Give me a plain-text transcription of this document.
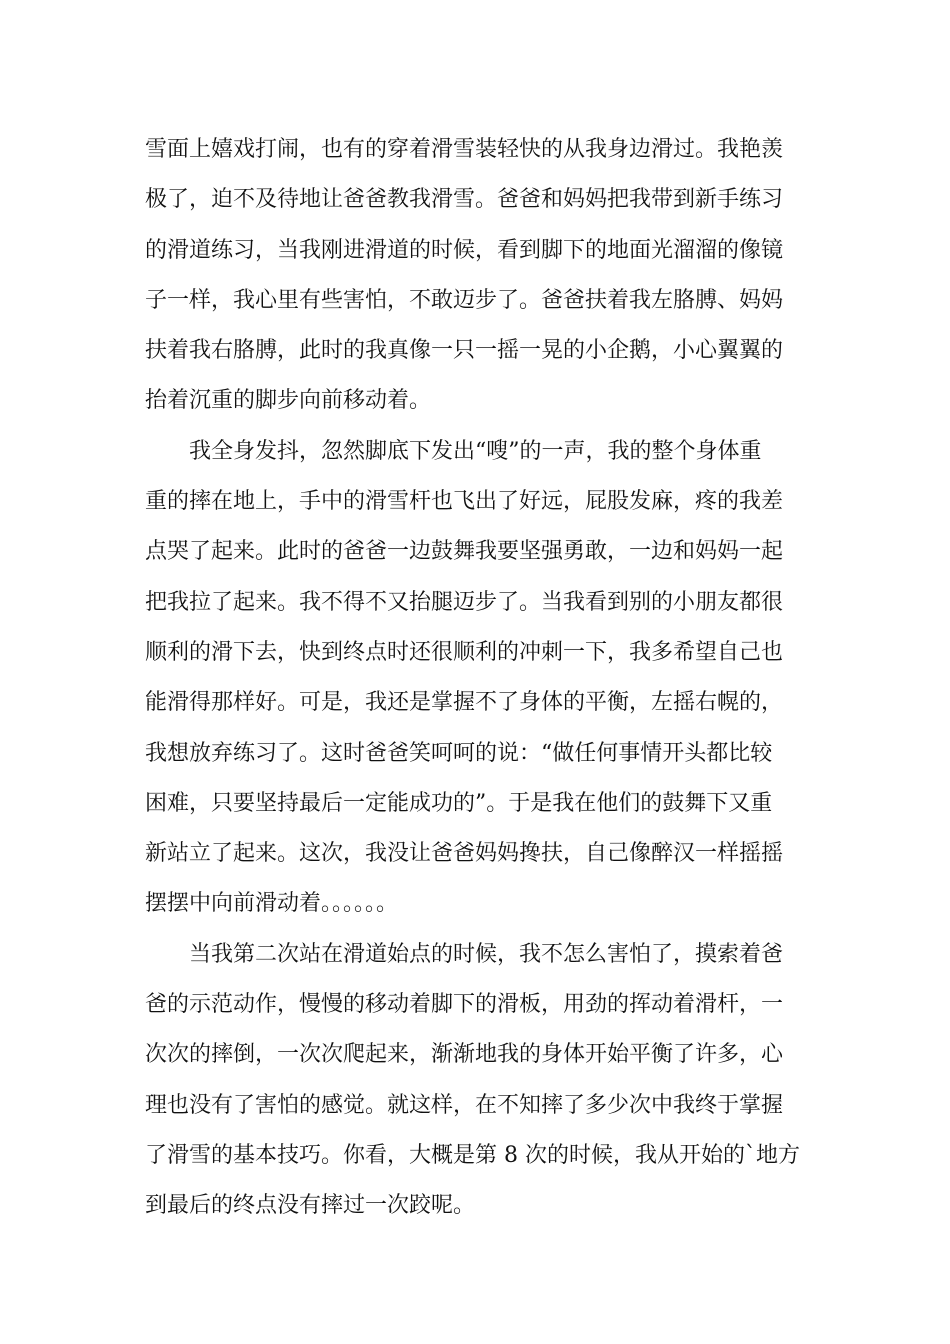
雪面上嬉戏打闹，也有的穿着滑雪装轻快的从我身边滑过。我艳羡
极了，迫不及待地让爸爸教我滑雪。爸爸和妈妈把我带到新手练习
的滑道练习，当我刚进滑道的时候，看到脚下的地面光溜溜的像镜
子一样，我心里有些害怕，不敢迈步了。爸爸扶着我左胳膊、妈妈
扶着我右胳膊，此时的我真像一只一摇一晃的小企鹅，小心翼翼的
抬着沉重的脚步向前移动着。
我全身发抖，忽然脚底下发出“嗖”的一声，我的整个身体重
重的摔在地上，手中的滑雪杆也飞出了好远，屁股发麻，疼的我差
点哭了起来。此时的爸爸一边鼓舞我要坚强勇敢，一边和妈妈一起
把我拉了起来。我不得不又抬腿迈步了。当我看到别的小朋友都很
顺利的滑下去，快到终点时还很顺利的冲刺一下，我多希望自己也
能滑得那样好。可是，我还是掌握不了身体的平衡，左摇右幌的，
我想放弃练习了。这时爸爸笑呵呵的说：“做任何事情开头都比较
困难，只要坚持最后一定能成功的”。于是我在他们的鼓舞下又重
新站立了起来。这次，我没让爸爸妈妈搀扶，自己像醉汉一样摇摇
摆摆中向前滑动着。。。。。。
当我第二次站在滑道始点的时候，我不怎么害怕了，摸索着爸
爸的示范动作，慢慢的移动着脚下的滑板，用劲的挥动着滑杆，一
次次的摔倒，一次次爬起来，渐渐地我的身体开始平衡了许多，心
理也没有了害怕的感觉。就这样，在不知摔了多少次中我终于掌握
了滑雪的基本技巧。你看，大概是第 8 次的时候，我从开始的`地方
到最后的终点没有摔过一次跤呢。
